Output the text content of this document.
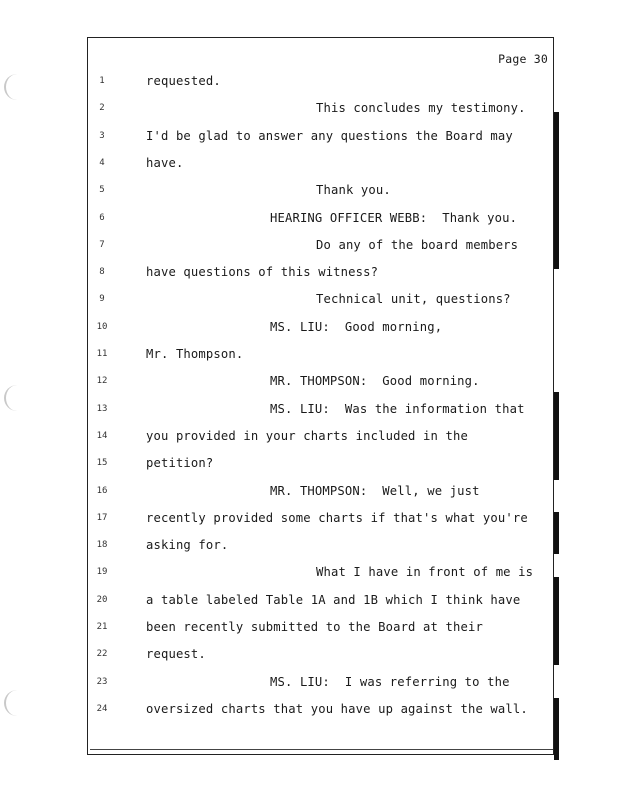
Page 30
1	requested.
2	This concludes my testimony.
3	I'd be glad to answer any questions the Board may
4	have.
5	Thank you.
6	HEARING OFFICER WEBB:  Thank you.
7	Do any of the board members
8	have questions of this witness?
9	Technical unit, questions?
10	MS. LIU:  Good morning,
11	Mr. Thompson.
12	MR. THOMPSON:  Good morning.
13	MS. LIU:  Was the information that
14	you provided in your charts included in the
15	petition?
16	MR. THOMPSON:  Well, we just
17	recently provided some charts if that's what you're
18	asking for.
19	What I have in front of me is
20	a table labeled Table 1A and 1B which I think have
21	been recently submitted to the Board at their
22	request.
23	MS. LIU:  I was referring to the
24	oversized charts that you have up against the wall.
